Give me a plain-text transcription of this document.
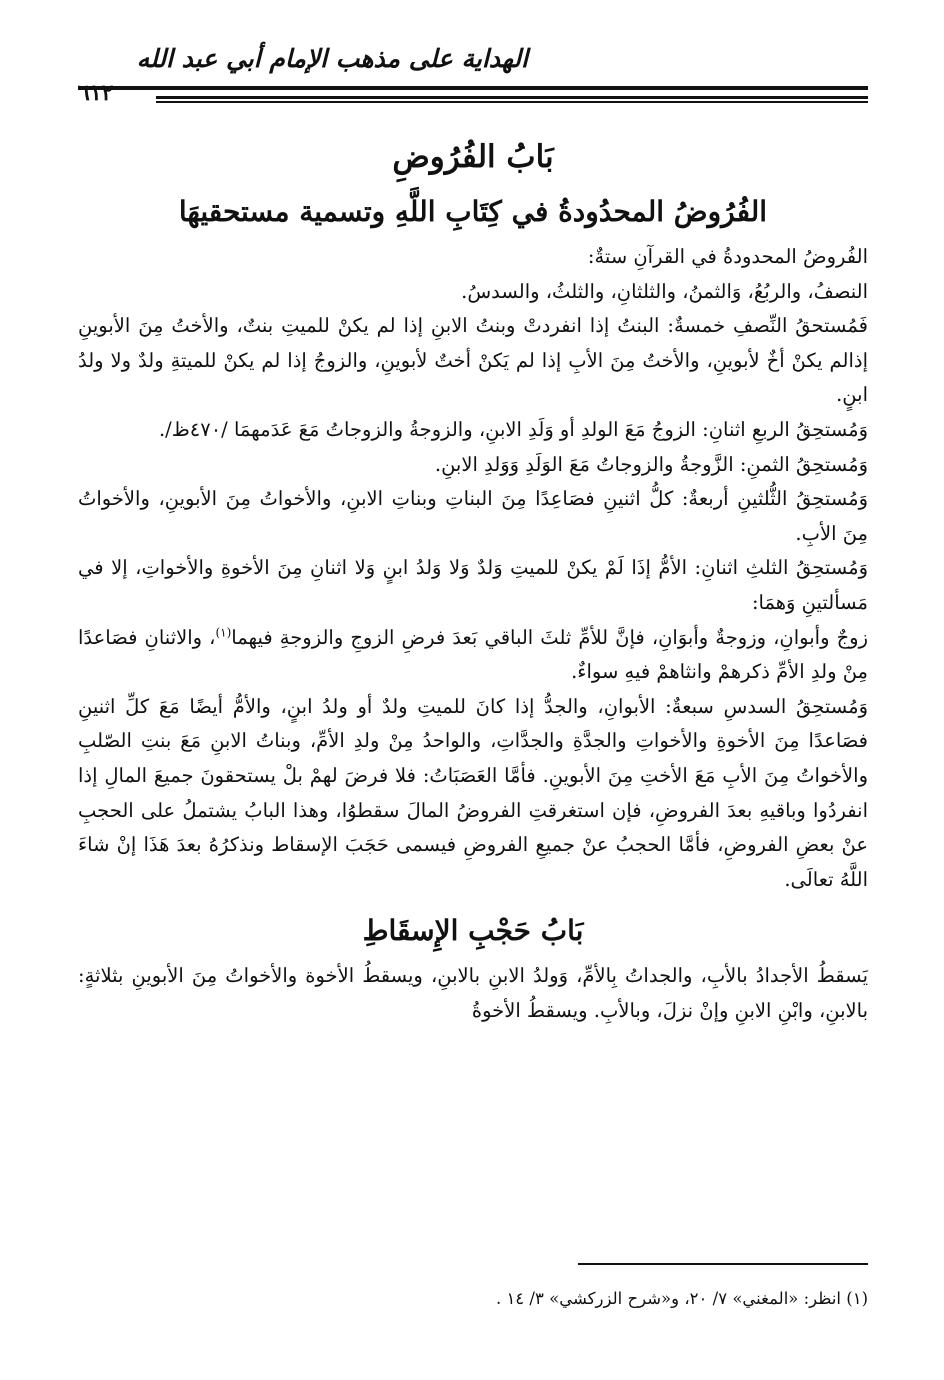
الهداية على مذهب الإمام أبي عبد الله
٦١٢
بَابُ الفُرُوضِ
الفُرُوضُ المحدُودةُ في كِتَابِ اللَّهِ وتسمية مستحقيهَا

الفُروضُ المحدودةُ في القرآنِ ستةٌ:

النصفُ، والربُعُ، وَالثمنُ، والثلثانِ، والثلثُ، والسدسُ.

فَمُستحقُ النِّصفِ خمسةٌ: البنتُ إذا انفردتْ وبنتُ الابنِ إذا لم يكنْ للميتِ بنتٌ، والأختُ مِنَ الأبوينِ إذالم يكنْ أخٌ لأبوينِ، والأختُ مِنَ الأبِ إذا لم يَكنْ أختٌ لأبوينِ، والزوجُ إذا لم يكنْ للميتةِ ولدٌ ولا ولدُ ابنٍ.

وَمُستحِقُ الربعِ اثنانِ: الزوجُ مَعَ الولدِ أو وَلَدِ الابنِ، والزوجةُ والزوجاتُ مَعَ عَدَمهمَا /٤٧٠ظ/.

وَمُستحِقُ الثمنِ: الزَّوجةُ والزوجاتُ مَعَ الوَلَدِ وَوَلدِ الابنِ.

وَمُستحِقُ الثُّلثينِ أربعةٌ: كلُّ اثنينِ فصَاعِدًا مِنَ البناتِ وبناتِ الابنِ، والأخواتُ مِنَ الأبوينِ، والأخواتُ مِنَ الأبِ.

وَمُستحِقُ الثلثِ اثنانِ: الأمُّ إذَا لَمْ يكنْ للميتِ وَلدٌ وَلا وَلدُ ابنٍ وَلا اثنانِ مِنَ الأخوةِ والأخواتِ، إلا في مَسألتينِ وَهمَا:

زوجٌ وأبوانِ، وزوجةٌ وأبوَانِ، فإنَّ للأمِّ ثلثَ الباقي بَعدَ فرضِ الزوجِ والزوجةِ فيهما$^{(١)}$، والاثنانِ فصَاعدًا مِنْ ولدِ الأمِّ ذكرهمْ وانثاهمْ فيهِ سواءٌ.

وَمُستحِقُ السدسِ سبعةٌ: الأبوانِ، والجدُّ إذا كانَ للميتِ ولدٌ أو ولدُ ابنٍ، والأمُّ أيضًا مَعَ كلِّ اثنينِ فصَاعدًا مِنَ الأخوةِ والأخواتِ والجدَّةِ والجدَّاتِ، والواحدُ مِنْ ولدِ الأمِّ، وبناتُ الابنِ مَعَ بنتِ الصّلبِ والأخواتُ مِنَ الأبِ مَعَ الأختِ مِنَ الأبوينِ. فأمَّا العَصَبَاتُ: فلا فرضَ لهمْ بلْ يستحقونَ جميعَ المالِ إذا انفردُوا وباقيهِ بعدَ الفروضِ، فإن استغرقتِ الفروضُ المالَ سقطوُا، وهذا البابُ يشتملُ على الحجبِ عنْ بعضِ الفروضِ، فأمَّا الحجبُ عنْ جميعِ الفروضِ فيسمى حَجَبَ الإسقاط ونذكرُهُ بعدَ هَذَا إنْ شاءَ اللَّهُ تعالَى.

بَابُ حَجْبِ الإِسقَاطِ

يَسقطُ الأجدادُ بالأبِ، والجداتُ بِالأمِّ، وَولدُ الابنِ بالابنِ، ويسقطُ الأخوة والأخواتُ مِنَ الأبوينِ بثلاثةٍ: بالابنِ، وابْنِ الابنِ وإنْ نزلَ، وبالأبِ. ويسقطُ الأخوةُ

(١) انظر: «المغني» ٧/ ٢٠، و«شرح الزركشي» ٣/ ١٤ .
